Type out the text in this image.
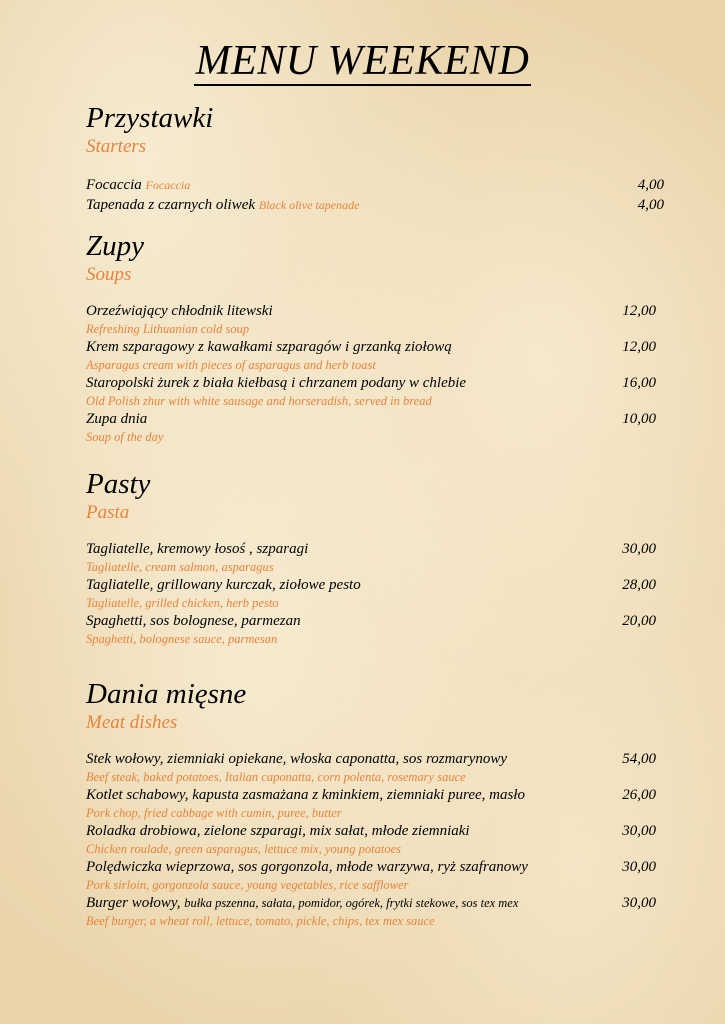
MENU WEEKEND
Przystawki
Starters
Focaccia Focaccia	4,00
Tapenada z czarnych oliwek Black olive tapenade	4,00
Zupy
Soups
Orzeźwiający chłodnik litewski	12,00
Refreshing Lithuanian cold soup
Krem szparagowy z kawałkami szparagów i grzanką ziołową	12,00
Asparagus cream with pieces of asparagus and herb toast
Staropolski żurek z biała kiełbasą i chrzanem podany w chlebie	16,00
Old Polish zhur with white sausage and horseradish, served in bread
Zupa dnia	10,00
Soup of the day
Pasty
Pasta
Tagliatelle, kremowy łosoś , szparagi	30,00
Tagliatelle, cream salmon, asparagus
Tagliatelle, grillowany kurczak, ziołowe pesto	28,00
Tagliatelle, grilled chicken, herb pesto
Spaghetti, sos bolognese, parmezan	20,00
Spaghetti, bolognese sauce, parmesan
Dania mięsne
Meat dishes
Stek wołowy, ziemniaki opiekane, włoska caponatta, sos rozmarynowy	54,00
Beef steak, baked potatoes, Italian caponatta, corn polenta, rosemary sauce
Kotlet schabowy, kapusta zasmażana z kminkiem, ziemniaki puree, masło	26,00
Pork chop, fried cabbage with cumin, puree, butter
Roladka drobiowa, zielone szparagi, mix sałat, młode ziemniaki	30,00
Chicken roulade, green asparagus, lettuce mix, young potatoes
Polędwiczka wieprzowa, sos gorgonzola, młode warzywa, ryż szafranowy	30,00
Pork sirloin, gorgonzola sauce, young vegetables, rice safflower
Burger wołowy, bułka pszenna, sałata, pomidor, ogórek, frytki stekowe, sos tex mex	30,00
Beef burger, a wheat roll, lettuce, tomato, pickle, chips, tex mex sauce
